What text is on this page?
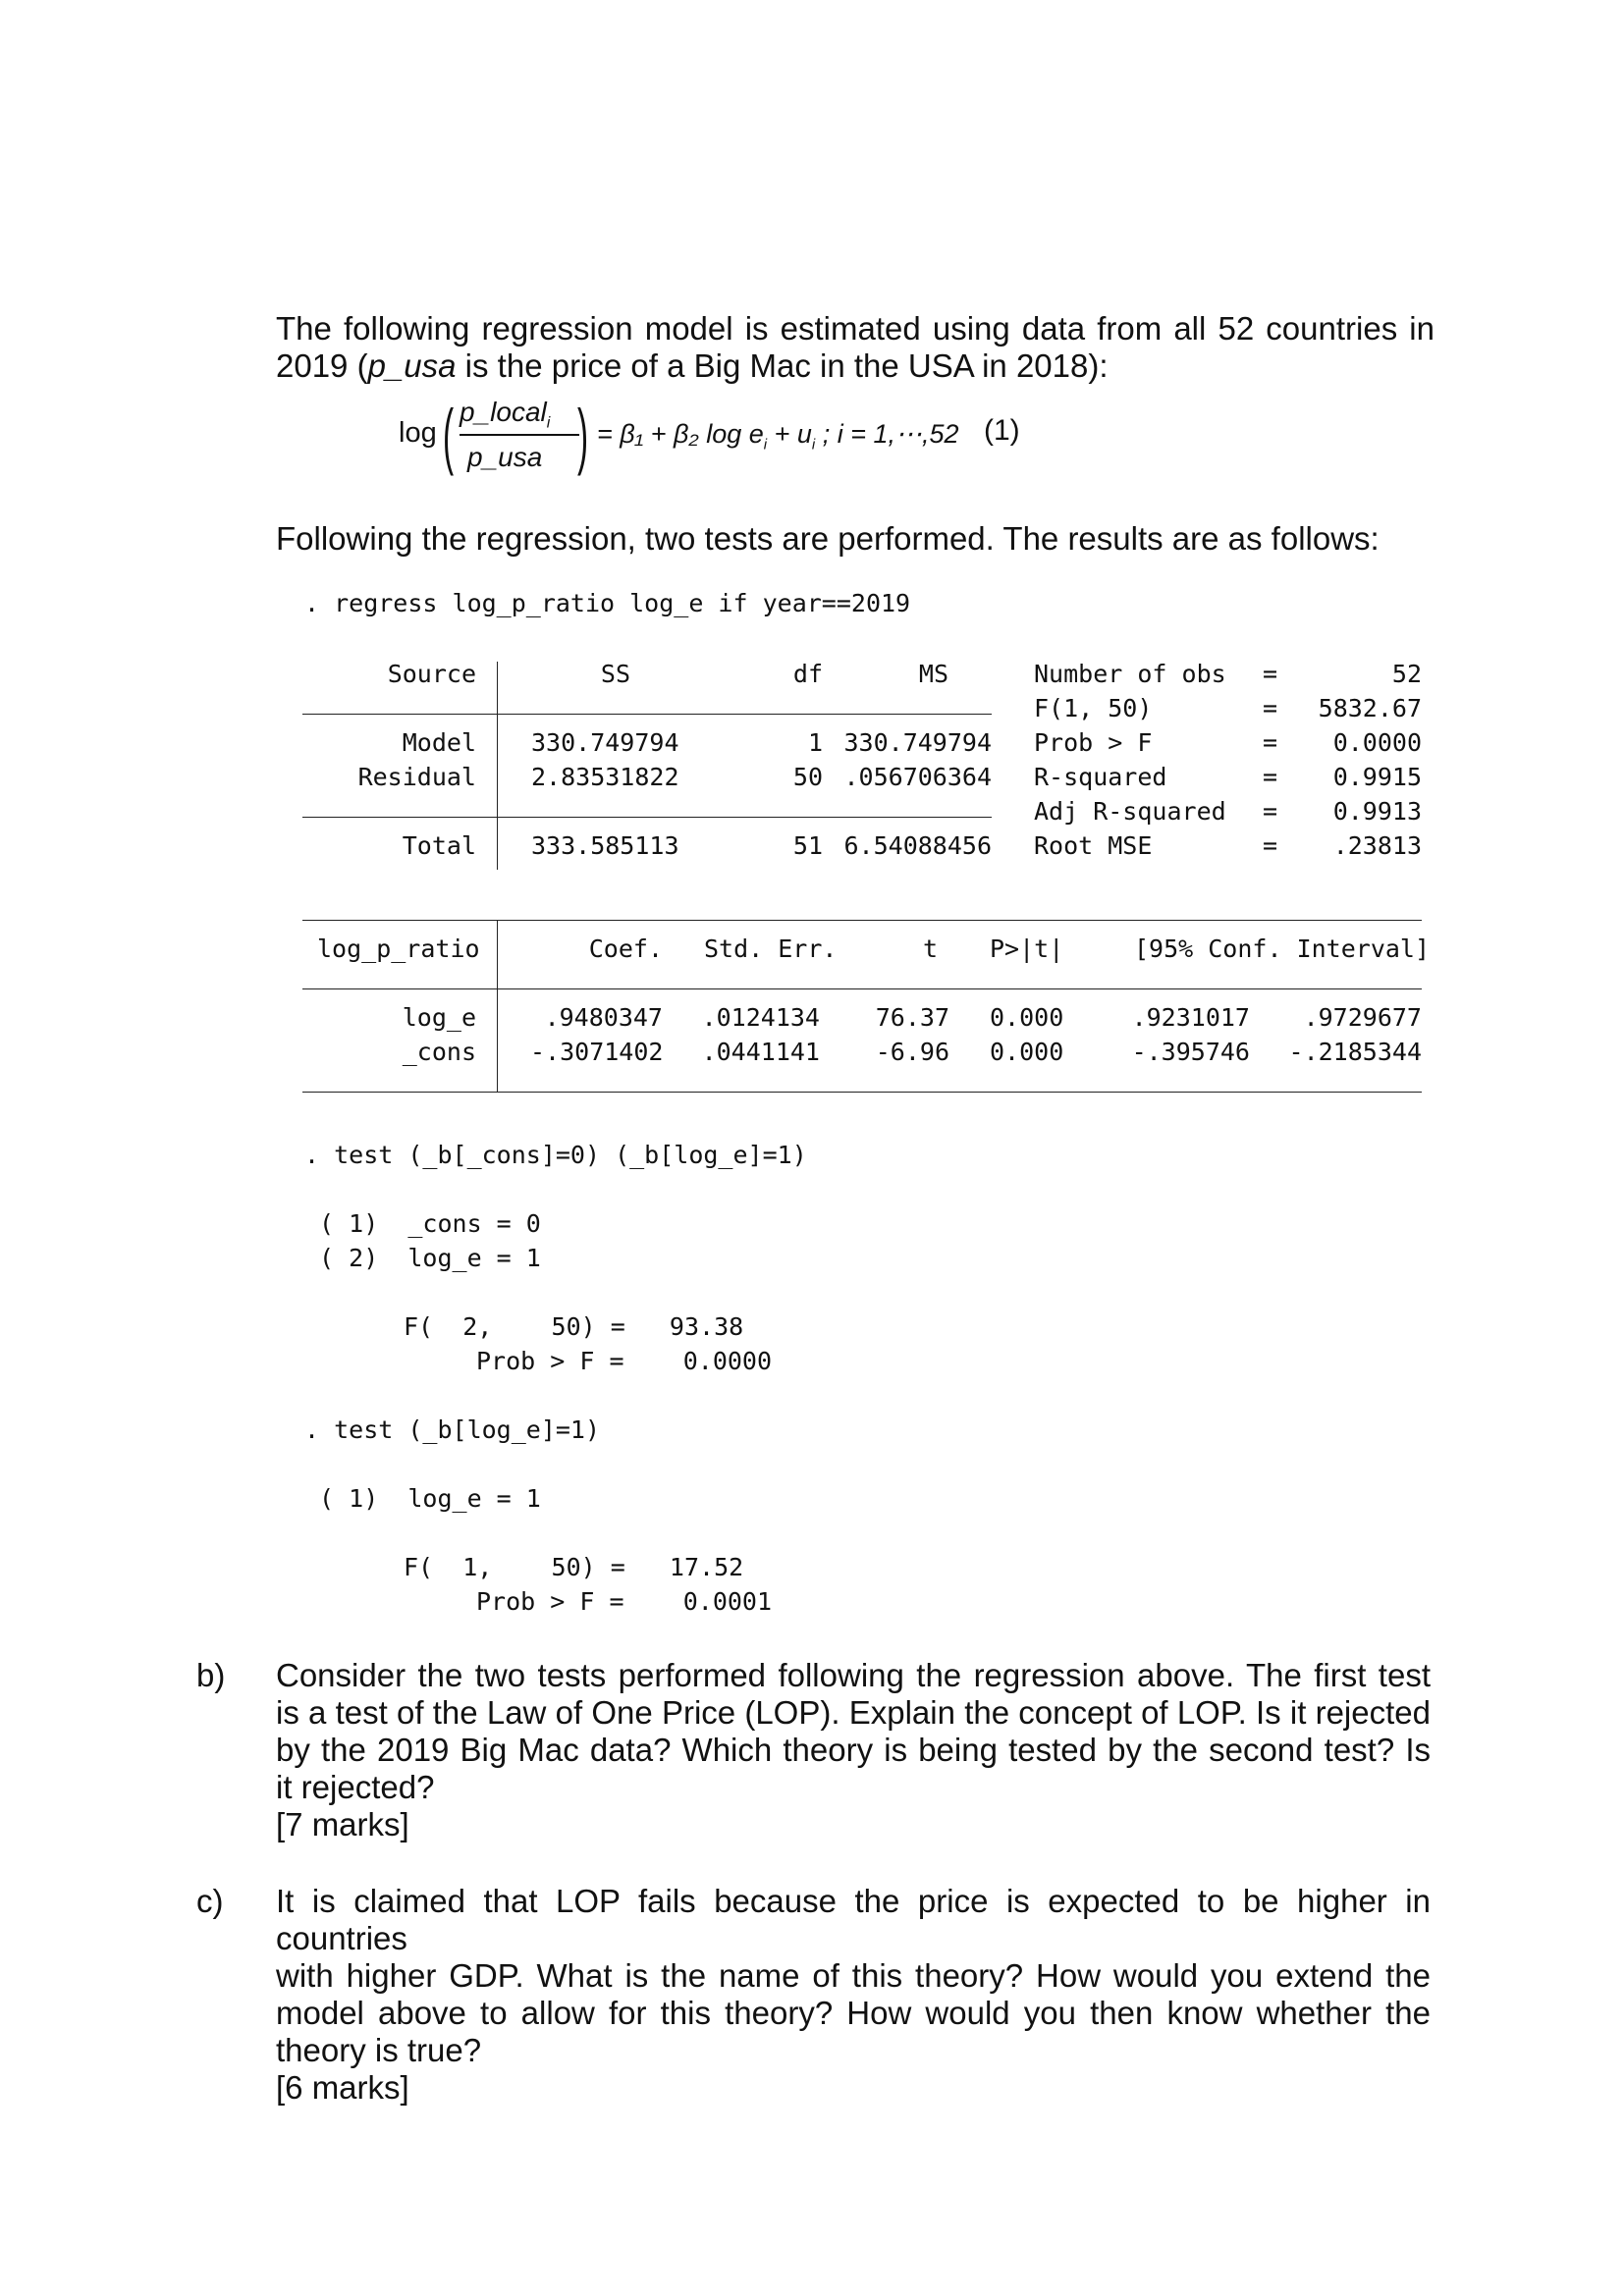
The following regression model is estimated using data from all 52 countries in
2019 (p_usa is the price of a Big Mac in the USA in 2018):
log ( p_local$_i$
p_usa ) = β₁ + β₂ $\log e_i + u_i$ ; i = 1,⋯,52 (1)
Following the regression, two tests are performed. The results are as follows:
. regress log_p_ratio log_e if year==2019
Source	SS	df	MS
Model 330.749794	1 330.749794
Residual 2.83531822	50 .056706364
Total 333.585113	51 6.54088456
Number of obs =	52
F(1, 50)	=	5832.67
Prob > F	=	0.0000
R-squared	=	0.9915
Adj R-squared =	0.9913
Root MSE	=	.23813
log_p_ratio	Coef. Std. Err.	t P>|t|	[95% Conf. Interval]
log_e	.9480347	.0124134	76.37 0.000	.9231017	.9729677
_cons -.3071402	.0441141	-6.96 0.000	-.395746	-.2185344
. test (_b[_cons]=0) (_b[log_e]=1)
( 1)  _cons = 0
( 2)  log_e = 1
F(  2,    50) =   93.38
Prob > F =    0.0000
. test (_b[log_e]=1)
( 1)  log_e = 1
F(  1,    50) =   17.52
Prob > F =    0.0001
b) Consider the two tests performed following the regression above. The first test
is a test of the Law of One Price (LOP). Explain the concept of LOP. Is it rejected
by the 2019 Big Mac data? Which theory is being tested by the second test? Is
it rejected?
[7 marks]
c) It is claimed that LOP fails because the price is expected to be higher in countries
with higher GDP. What is the name of this theory? How would you extend the
model above to allow for this theory? How would you then know whether the
theory is true?
[6 marks]
